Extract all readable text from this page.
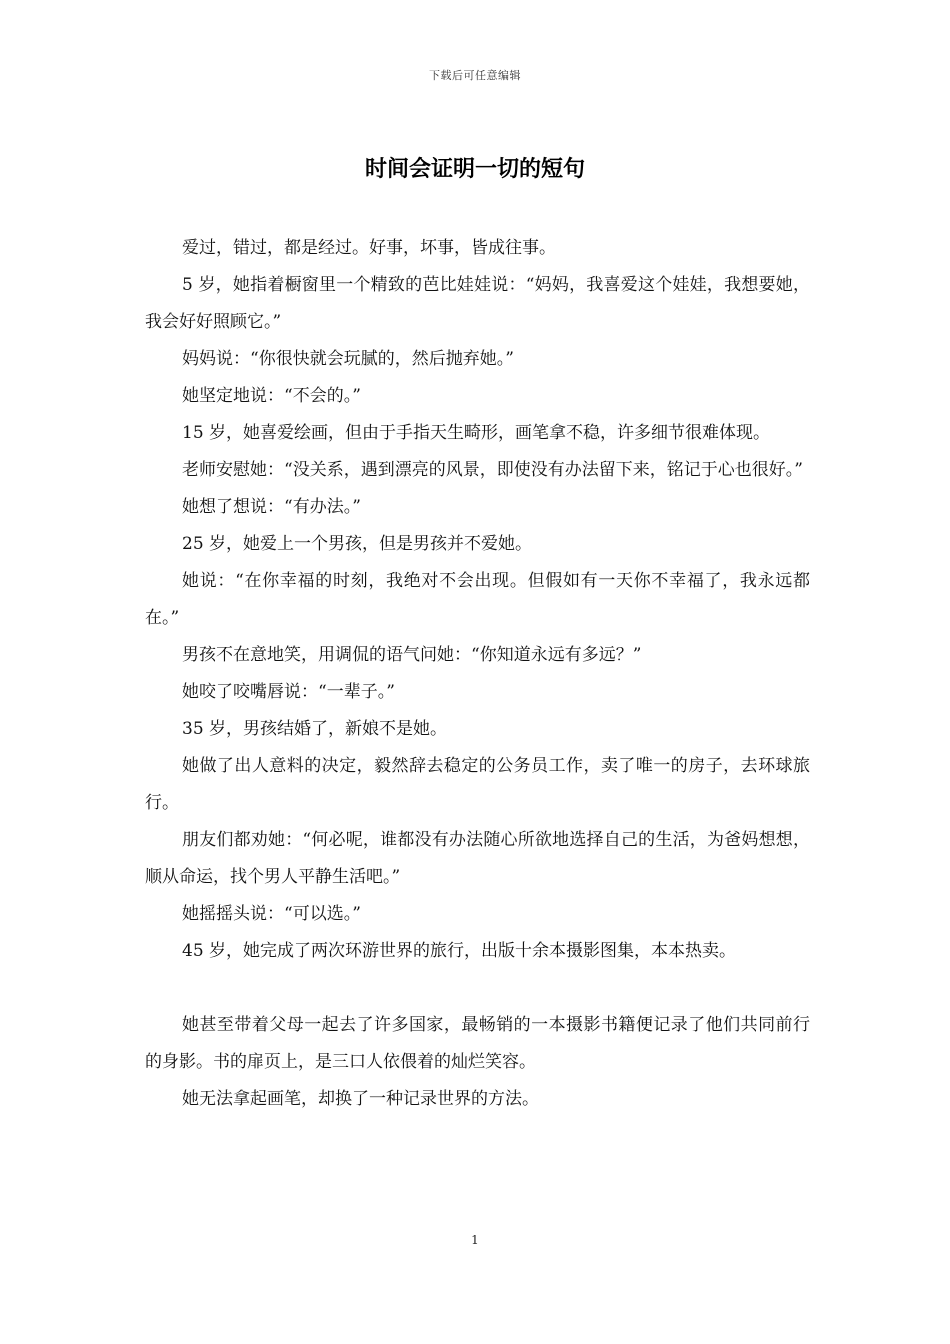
下载后可任意编辑
时间会证明一切的短句

爱过，错过，都是经过。好事，坏事，皆成往事。

5 岁，她指着橱窗里一个精致的芭比娃娃说：“妈妈，我喜爱这个娃娃，我想要她，我会好好照顾它。”

妈妈说：“你很快就会玩腻的，然后抛弃她。”

她坚定地说：“不会的。”

15 岁，她喜爱绘画，但由于手指天生畸形，画笔拿不稳，许多细节很难体现。

老师安慰她：“没关系，遇到漂亮的风景，即使没有办法留下来，铭记于心也很好。”

她想了想说：“有办法。”

25 岁，她爱上一个男孩，但是男孩并不爱她。

她说：“在你幸福的时刻，我绝对不会出现。但假如有一天你不幸福了，我永远都在。”

男孩不在意地笑，用调侃的语气问她：“你知道永远有多远？”

她咬了咬嘴唇说：“一辈子。”

35 岁，男孩结婚了，新娘不是她。

她做了出人意料的决定，毅然辞去稳定的公务员工作，卖了唯一的房子，去环球旅行。

朋友们都劝她：“何必呢，谁都没有办法随心所欲地选择自己的生活，为爸妈想想，顺从命运，找个男人平静生活吧。”

她摇摇头说：“可以选。”

45 岁，她完成了两次环游世界的旅行，出版十余本摄影图集，本本热卖。

她甚至带着父母一起去了许多国家，最畅销的一本摄影书籍便记录了他们共同前行的身影。书的扉页上，是三口人依偎着的灿烂笑容。

她无法拿起画笔，却换了一种记录世界的方法。

1
